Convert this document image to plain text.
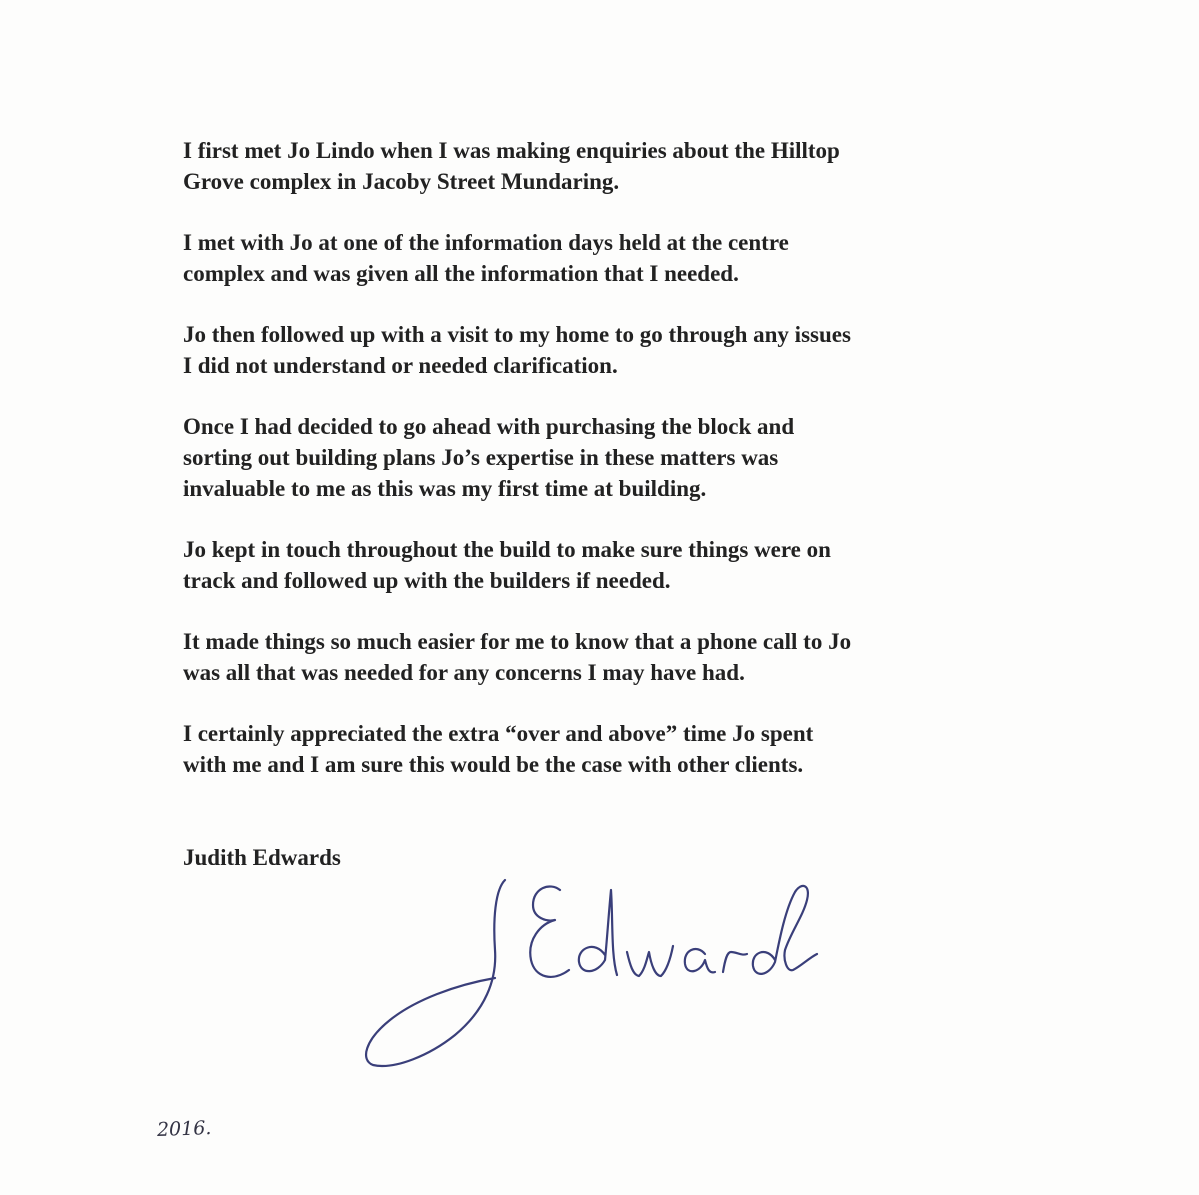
I first met Jo Lindo when I was making enquiries about the Hilltop
Grove complex in Jacoby Street Mundaring.

I met with Jo at one of the information days held at the centre
complex and was given all the information that I needed.

Jo then followed up with a visit to my home to go through any issues
I did not understand or needed clarification.

Once I had decided to go ahead with purchasing the block and
sorting out building plans Jo’s expertise in these matters was
invaluable to me as this was my first time at building.

Jo kept in touch throughout the build to make sure things were on
track and followed up with the builders if needed.

It made things so much easier for me to know that a phone call to Jo
was all that was needed for any concerns I may have had.

I certainly appreciated the extra “over and above” time Jo spent
with me and I am sure this would be the case with other clients.

Judith Edwards
2016.
